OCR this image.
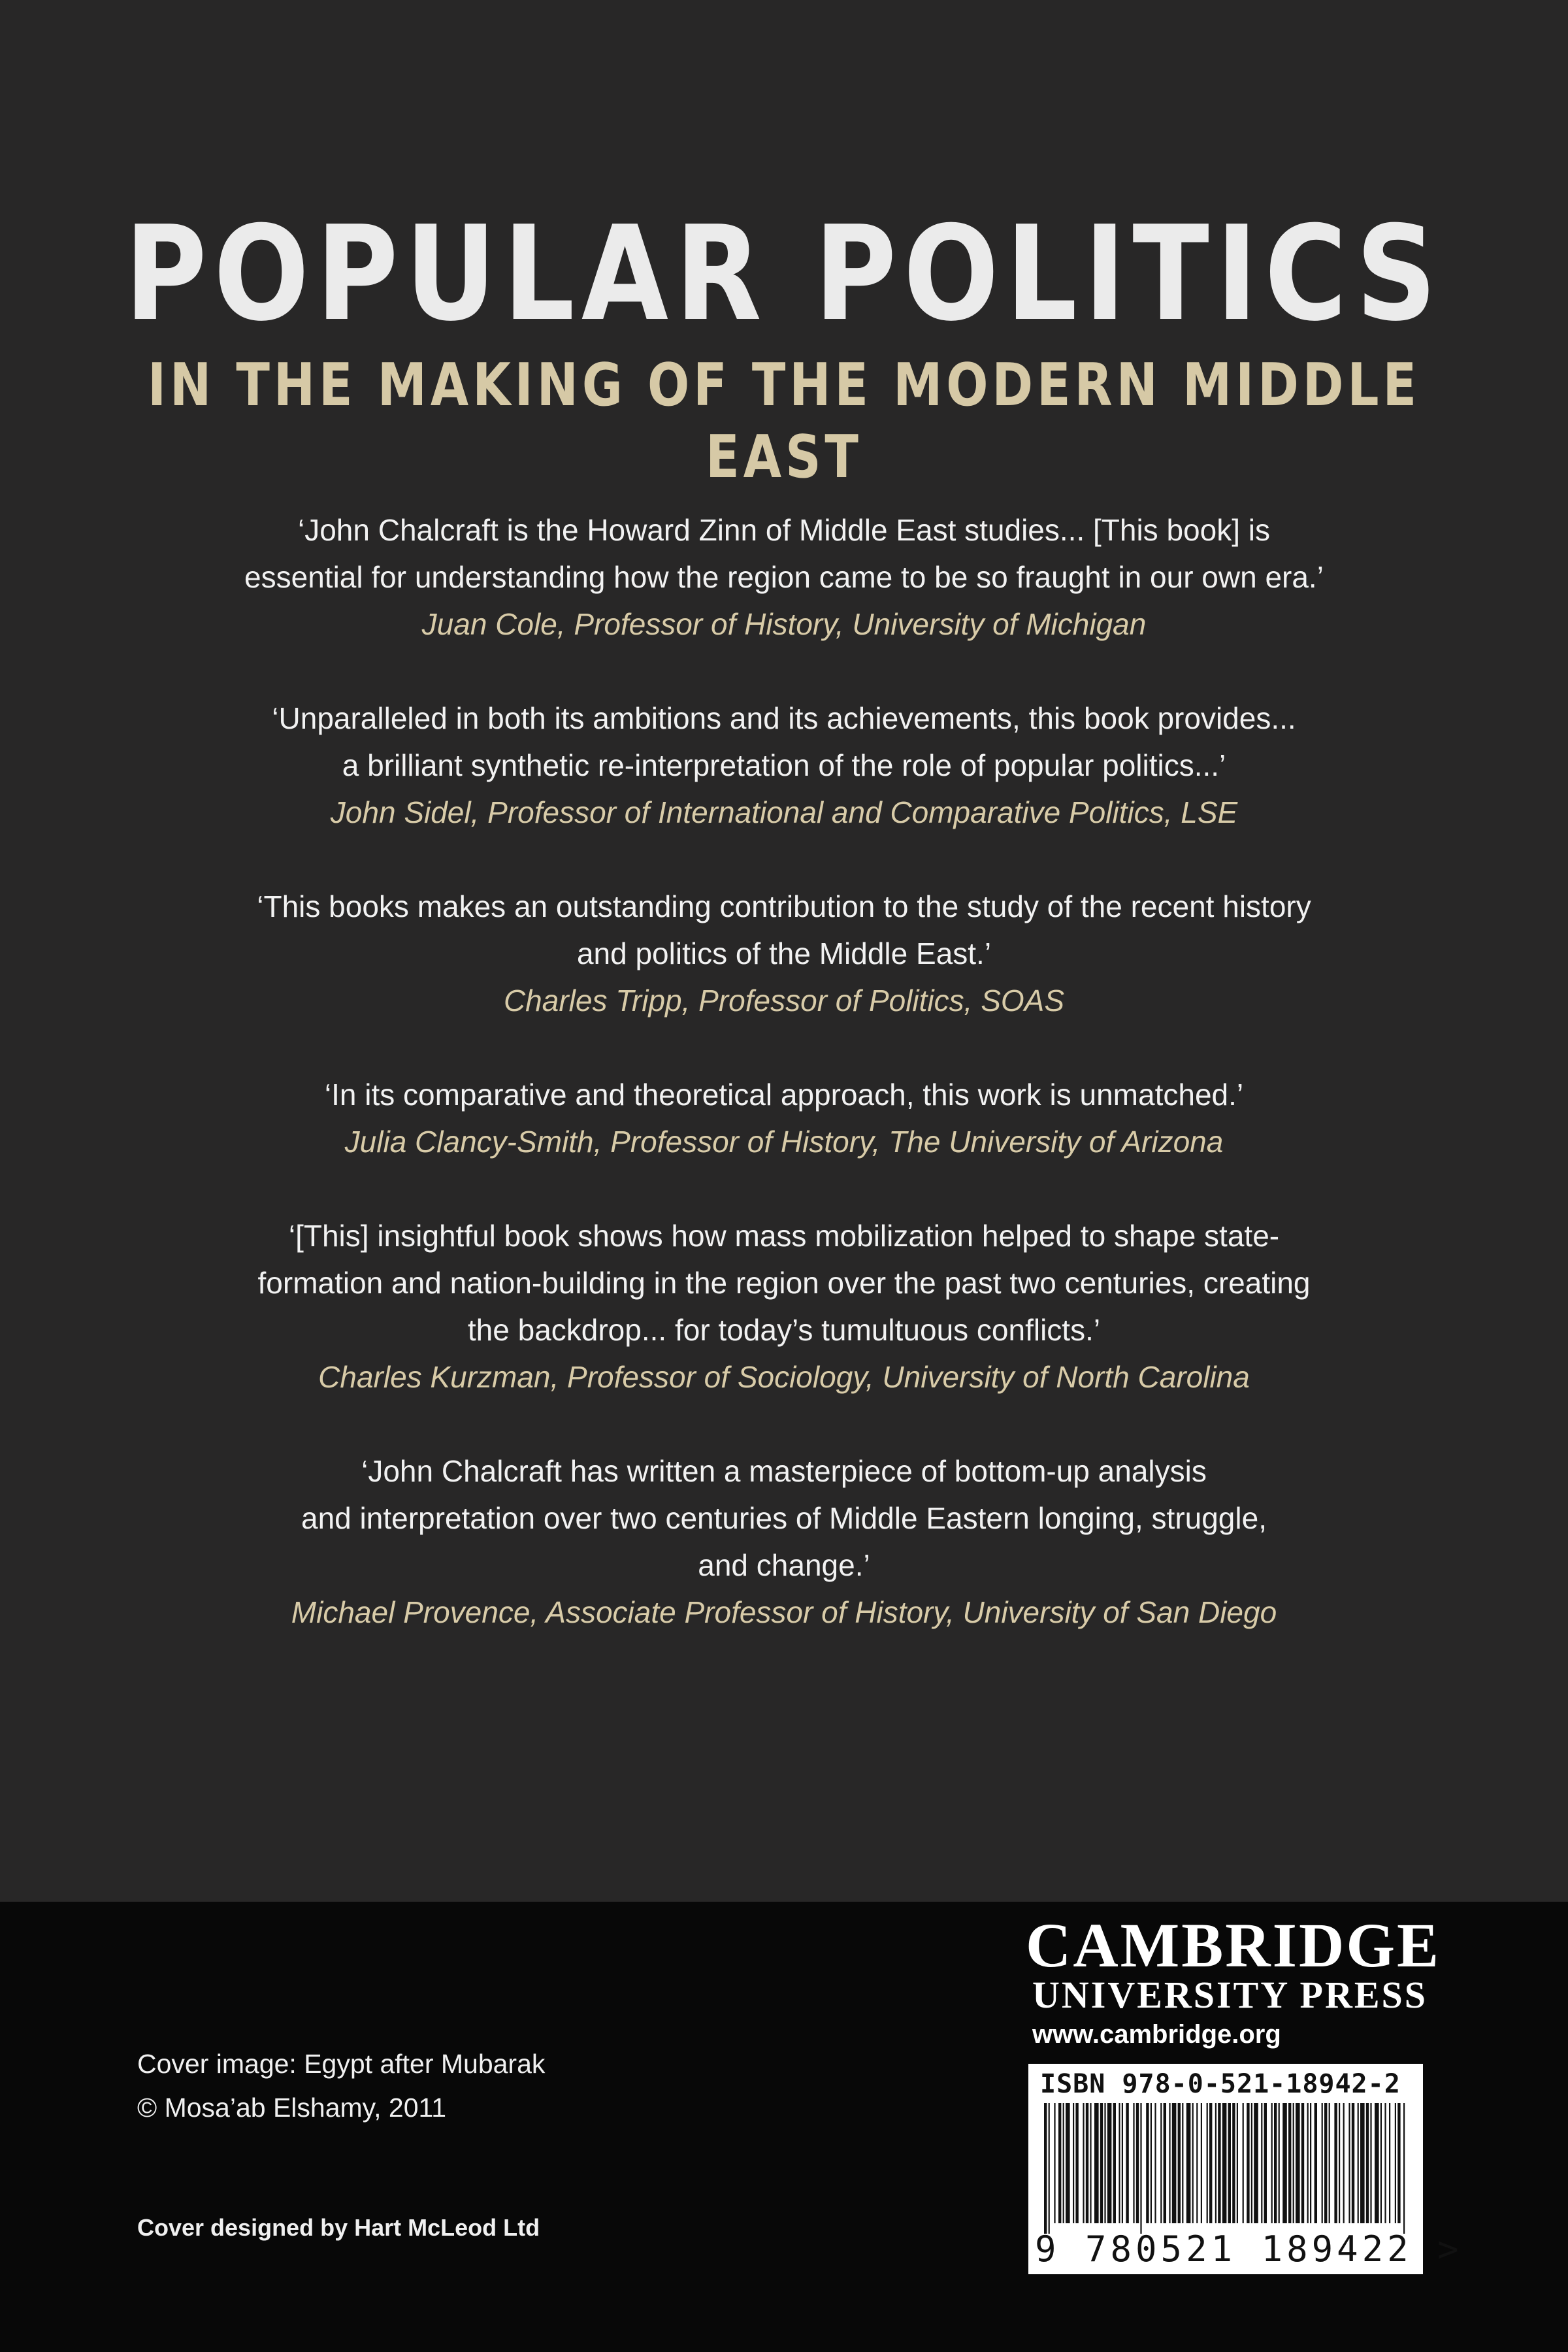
POPULAR POLITICS
IN THE MAKING OF THE MODERN MIDDLE EAST
‘John Chalcraft is the Howard Zinn of Middle East studies... [This book] is
essential for understanding how the region came to be so fraught in our own era.’
Juan Cole, Professor of History, University of Michigan
‘Unparalleled in both its ambitions and its achievements, this book provides...
a brilliant synthetic re-interpretation of the role of popular politics...’
John Sidel, Professor of International and Comparative Politics, LSE
‘This books makes an outstanding contribution to the study of the recent history
and politics of the Middle East.’
Charles Tripp, Professor of Politics, SOAS
‘In its comparative and theoretical approach, this work is unmatched.’
Julia Clancy-Smith, Professor of History, The University of Arizona
‘[This] insightful book shows how mass mobilization helped to shape state-
formation and nation-building in the region over the past two centuries, creating
the backdrop... for today’s tumultuous conflicts.’
Charles Kurzman, Professor of Sociology, University of North Carolina
‘John Chalcraft has written a masterpiece of bottom-up analysis
and interpretation over two centuries of Middle Eastern longing, struggle,
and change.’
Michael Provence, Associate Professor of History, University of San Diego
Cover image: Egypt after Mubarak
© Mosa’ab Elshamy, 2011
Cover designed by Hart McLeod Ltd
CAMBRIDGE
UNIVERSITY PRESS
www.cambridge.org
ISBN 978-0-521-18942-2
9 780521 189422 >
